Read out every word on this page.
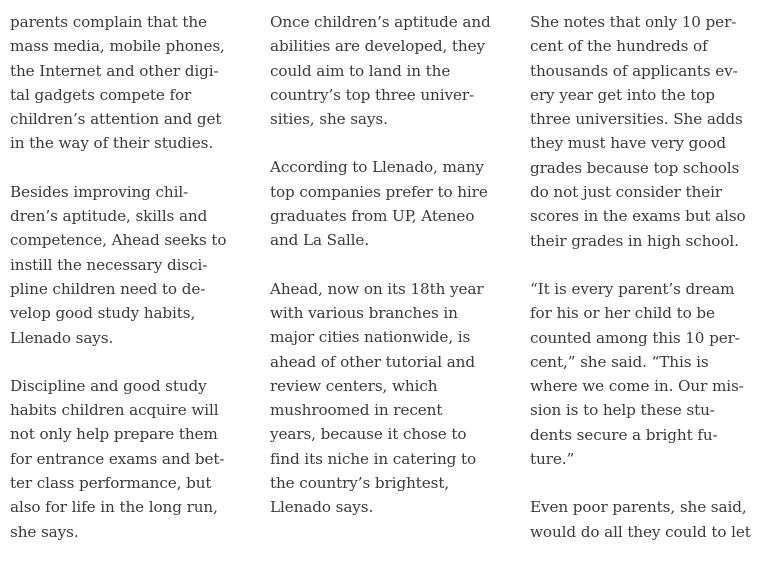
parents complain that the
mass media, mobile phones,
the Internet and other digi-
tal gadgets compete for
children’s attention and get
in the way of their studies.
Besides improving chil-
dren’s aptitude, skills and
competence, Ahead seeks to
instill the necessary disci-
pline children need to de-
velop good study habits,
Llenado says.
Discipline and good study
habits children acquire will
not only help prepare them
for entrance exams and bet-
ter class performance, but
also for life in the long run,
she says.
Once children’s aptitude and
abilities are developed, they
could aim to land in the
country’s top three univer-
sities, she says.
According to Llenado, many
top companies prefer to hire
graduates from UP, Ateneo
and La Salle.
Ahead, now on its 18th year
with various branches in
major cities nationwide, is
ahead of other tutorial and
review centers, which
mushroomed in recent
years, because it chose to
find its niche in catering to
the country’s brightest,
Llenado says.
She notes that only 10 per-
cent of the hundreds of
thousands of applicants ev-
ery year get into the top
three universities. She adds
they must have very good
grades because top schools
do not just consider their
scores in the exams but also
their grades in high school.
“It is every parent’s dream
for his or her child to be
counted among this 10 per-
cent,” she said. “This is
where we come in. Our mis-
sion is to help these stu-
dents secure a bright fu-
ture.”
Even poor parents, she said,
would do all they could to let
